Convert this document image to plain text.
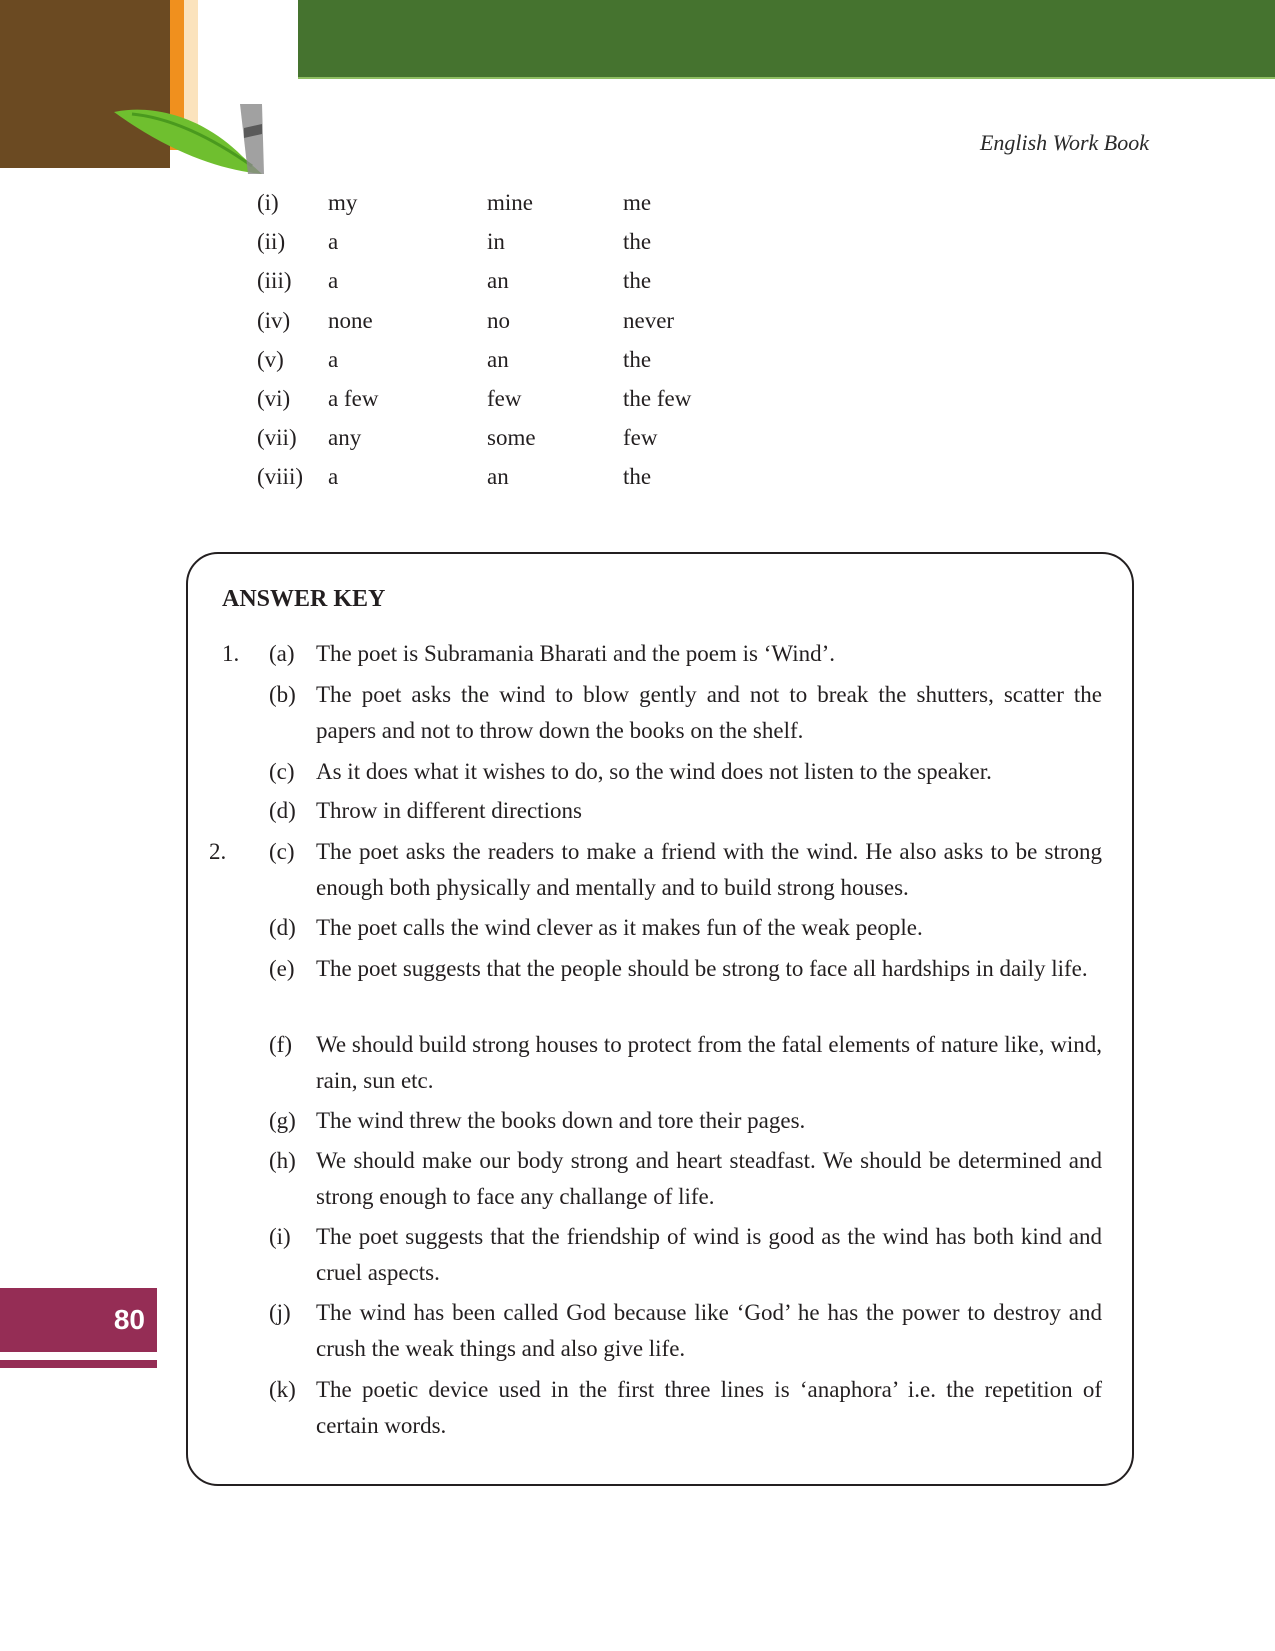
English Work Book
(i) my	mine	me
(ii) a	in	the
(iii) a	an	the
(iv) none	no	never
(v) a	an	the
(vi) a few	few	the few
(vii) any	some	few
(viii) a	an	the
ANSWER KEY
1. (a) The poet is Subramania Bharati and the poem is ‘Wind’.
(b) The poet asks the wind to blow gently and not to break the shutters, scatter the papers and not to throw down the books on the shelf.
(c) As it does what it wishes to do, so the wind does not listen to the speaker.
(d) Throw in different directions
2. (c) The poet asks the readers to make a friend with the wind. He also asks to be strong enough both physically and mentally and to build strong houses.
(d) The poet calls the wind clever as it makes fun of the weak people.
(e) The poet suggests that the people should be strong to face all hardships in daily life.
(f) We should build strong houses to protect from the fatal elements of nature like, wind, rain, sun etc.
(g) The wind threw the books down and tore their pages.
(h) We should make our body strong and heart steadfast. We should be determined and strong enough to face any challange of life.
(i) The poet suggests that the friendship of wind is good as the wind has both kind and cruel aspects.
(j) The wind has been called God because like ‘God’ he has the power to destroy and crush the weak things and also give life.
(k) The poetic device used in the first three lines is ‘anaphora’ i.e. the repetition of certain words.
80
